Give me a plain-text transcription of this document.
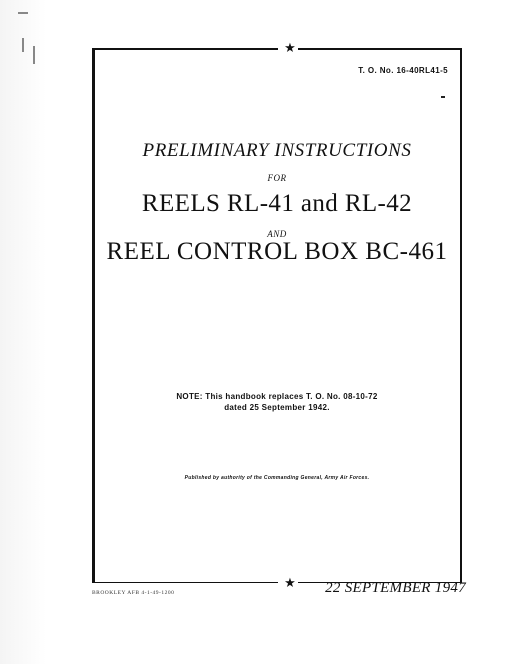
★
★
T. O. No. 16-40RL41-5
PRELIMINARY INSTRUCTIONS
FOR
REELS RL-41 and RL-42
AND
REEL CONTROL BOX BC-461
NOTE: This handbook replaces T. O. No. 08-10-72
dated 25 September 1942.
Published by authority of the Commanding General, Army Air Forces.
BROOKLEY AFB 4-1-49-1200	22 SEPTEMBER 1947
